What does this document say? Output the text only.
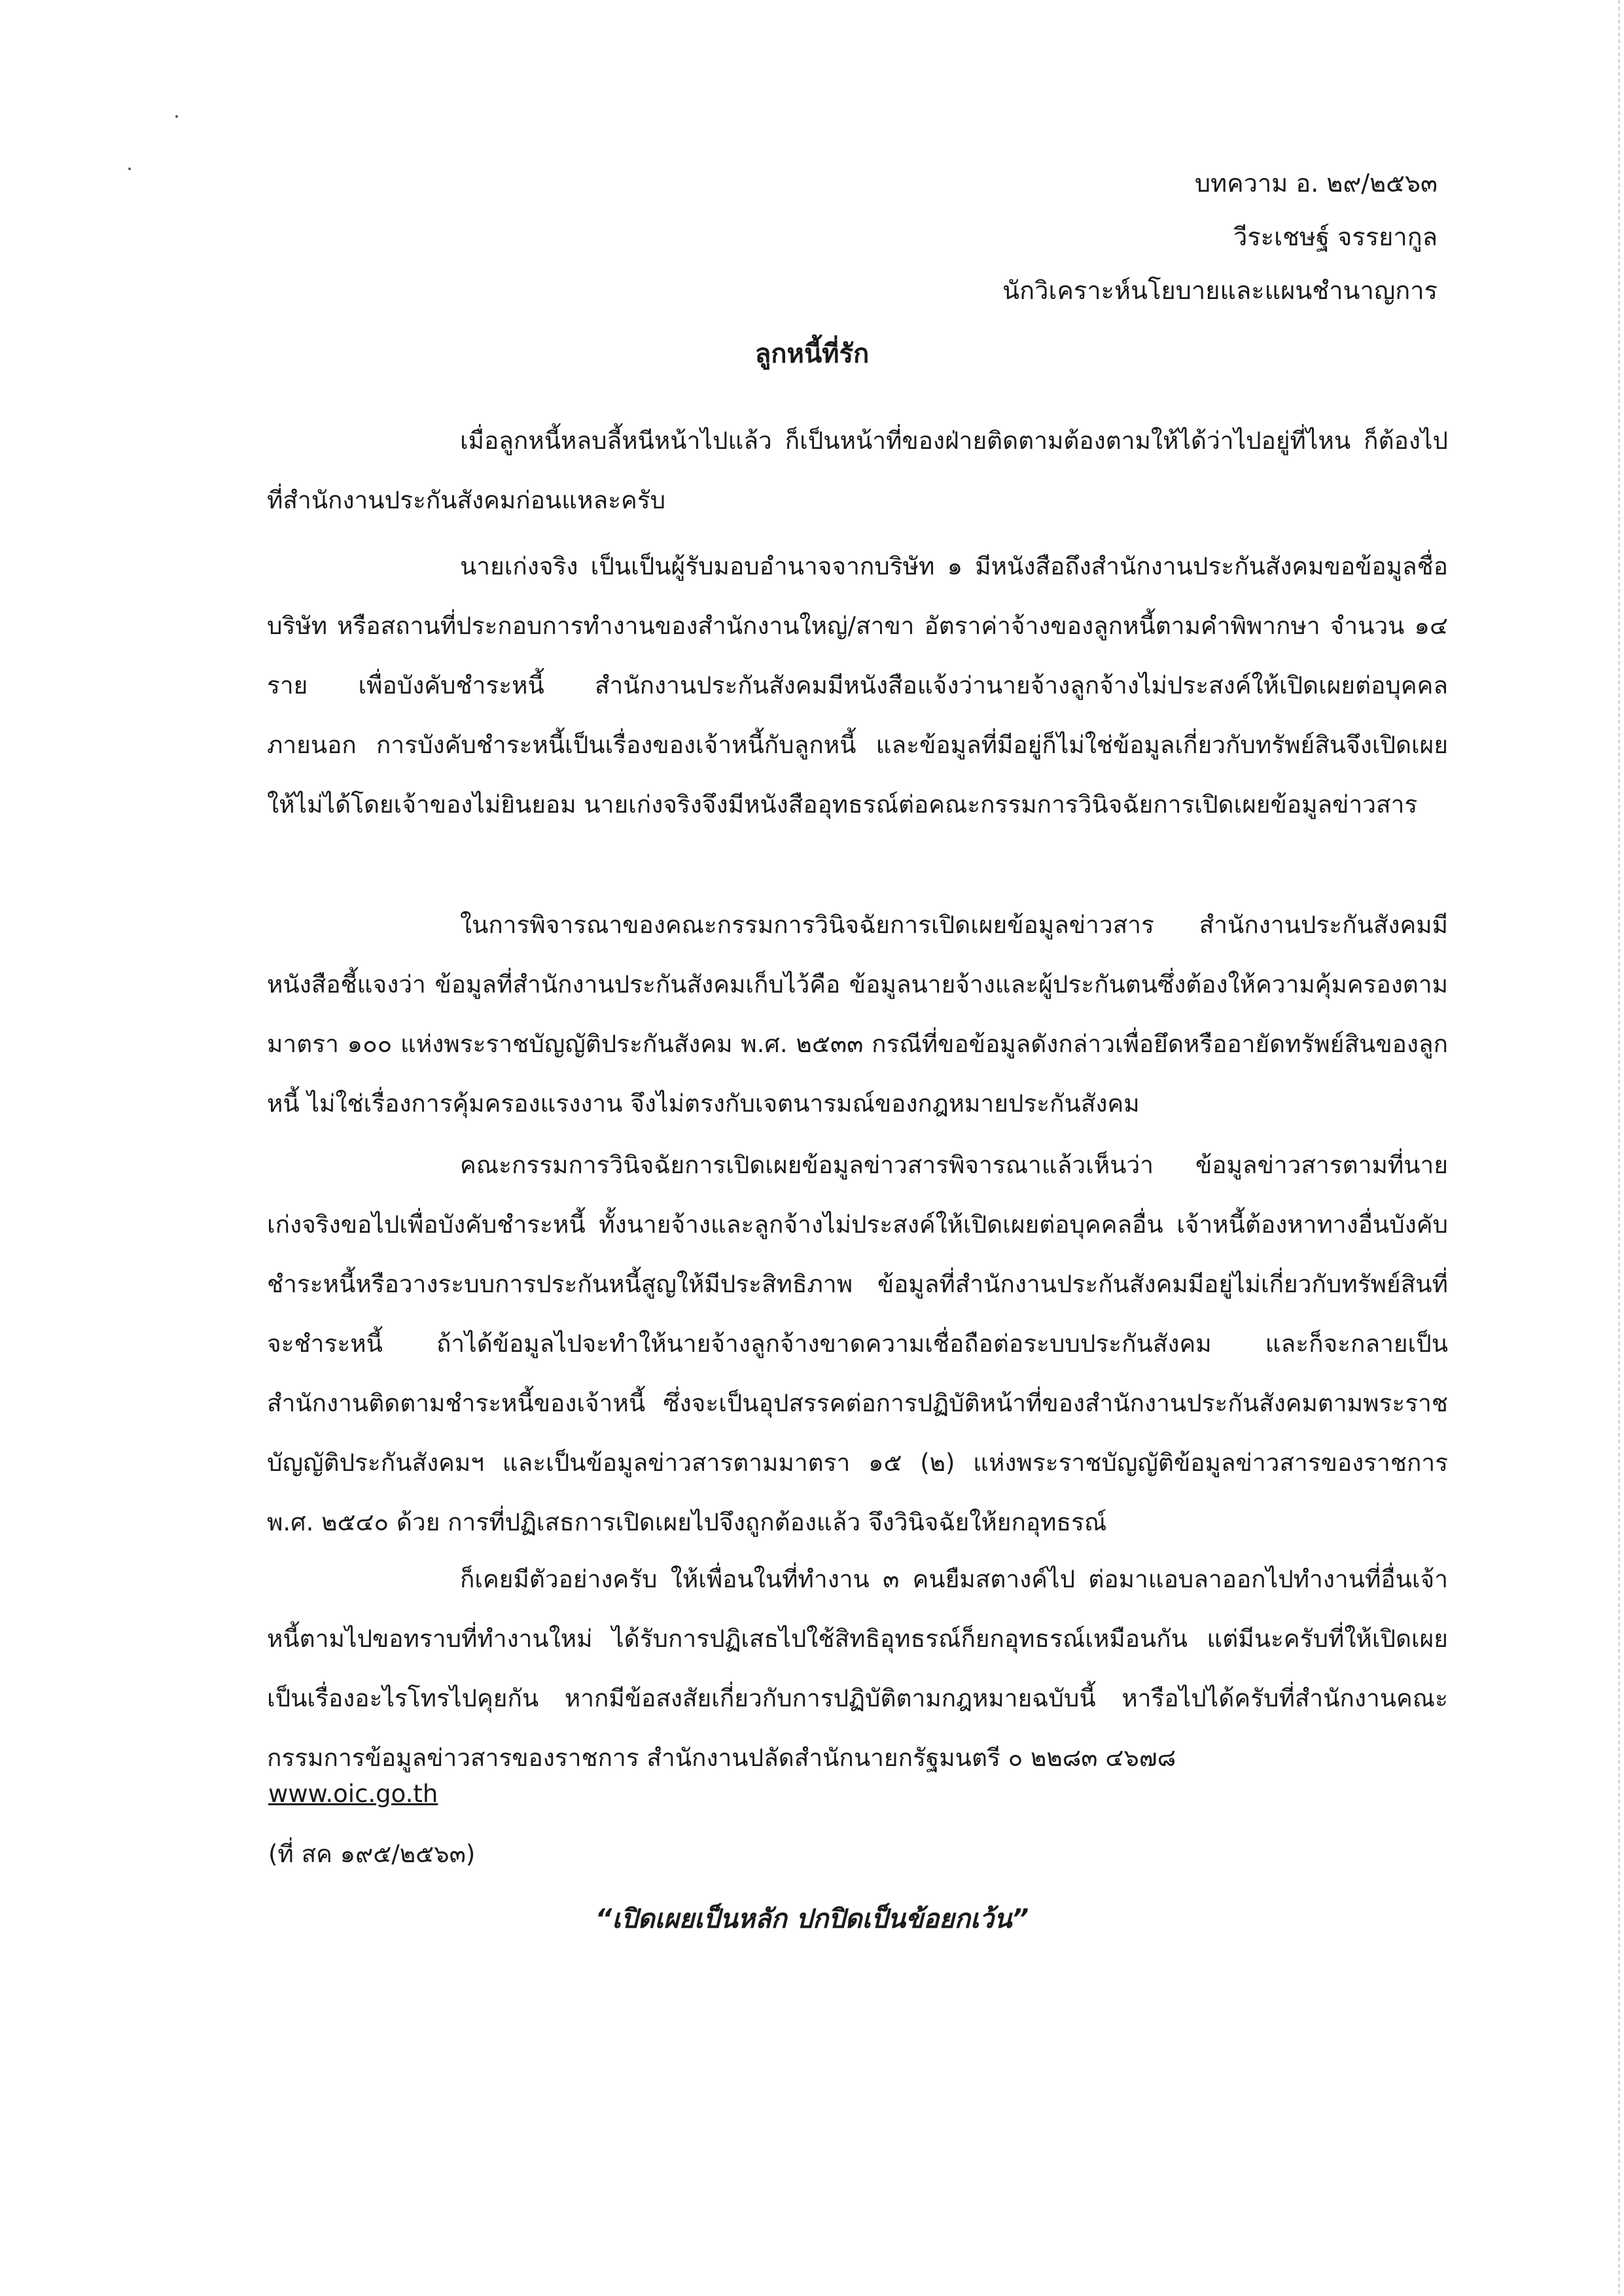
บทความ อ. ๒๙/๒๕๖๓
วีระเชษฐ์ จรรยากูล
นักวิเคราะห์นโยบายและแผนชำนาญการ
ลูกหนี้ที่รัก

เมื่อลูกหนี้หลบลี้หนีหน้าไปแล้ว ก็เป็นหน้าที่ของฝ่ายติดตามต้องตามให้ได้ว่าไปอยู่ที่ไหน ก็ต้องไปที่สำนักงานประกันสังคมก่อนแหละครับ

นายเก่งจริง เป็นเป็นผู้รับมอบอำนาจจากบริษัท ๑ มีหนังสือถึงสำนักงานประกันสังคมขอข้อมูลชื่อบริษัท หรือสถานที่ประกอบการทำงานของสำนักงานใหญ่/สาขา อัตราค่าจ้างของลูกหนี้ตามคำพิพากษา จำนวน ๑๔ ราย เพื่อบังคับชำระหนี้ สำนักงานประกันสังคมมีหนังสือแจ้งว่านายจ้างลูกจ้างไม่ประสงค์ให้เปิดเผยต่อบุคคลภายนอก การบังคับชำระหนี้เป็นเรื่องของเจ้าหนี้กับลูกหนี้ และข้อมูลที่มีอยู่ก็ไม่ใช่ข้อมูลเกี่ยวกับทรัพย์สินจึงเปิดเผยให้ไม่ได้โดยเจ้าของไม่ยินยอม นายเก่งจริงจึงมีหนังสืออุทธรณ์ต่อคณะกรรมการวินิจฉัยการเปิดเผยข้อมูลข่าวสาร

ในการพิจารณาของคณะกรรมการวินิจฉัยการเปิดเผยข้อมูลข่าวสาร สำนักงานประกันสังคมมีหนังสือชี้แจงว่า ข้อมูลที่สำนักงานประกันสังคมเก็บไว้คือ ข้อมูลนายจ้างและผู้ประกันตนซึ่งต้องให้ความคุ้มครองตามมาตรา ๑๐๐ แห่งพระราชบัญญัติประกันสังคม พ.ศ. ๒๕๓๓ กรณีที่ขอข้อมูลดังกล่าวเพื่อยึดหรืออายัดทรัพย์สินของลูกหนี้ ไม่ใช่เรื่องการคุ้มครองแรงงาน จึงไม่ตรงกับเจตนารมณ์ของกฎหมายประกันสังคม

คณะกรรมการวินิจฉัยการเปิดเผยข้อมูลข่าวสารพิจารณาแล้วเห็นว่า ข้อมูลข่าวสารตามที่นายเก่งจริงขอไปเพื่อบังคับชำระหนี้ ทั้งนายจ้างและลูกจ้างไม่ประสงค์ให้เปิดเผยต่อบุคคลอื่น เจ้าหนี้ต้องหาทางอื่นบังคับชำระหนี้หรือวางระบบการประกันหนี้สูญให้มีประสิทธิภาพ ข้อมูลที่สำนักงานประกันสังคมมีอยู่ไม่เกี่ยวกับทรัพย์สินที่จะชำระหนี้ ถ้าได้ข้อมูลไปจะทำให้นายจ้างลูกจ้างขาดความเชื่อถือต่อระบบประกันสังคม และก็จะกลายเป็นสำนักงานติดตามชำระหนี้ของเจ้าหนี้ ซึ่งจะเป็นอุปสรรคต่อการปฏิบัติหน้าที่ของสำนักงานประกันสังคมตามพระราชบัญญัติประกันสังคมฯ และเป็นข้อมูลข่าวสารตามมาตรา ๑๕ (๒) แห่งพระราชบัญญัติข้อมูลข่าวสารของราชการ พ.ศ. ๒๕๔๐ ด้วย การที่ปฏิเสธการเปิดเผยไปจึงถูกต้องแล้ว จึงวินิจฉัยให้ยกอุทธรณ์

ก็เคยมีตัวอย่างครับ ให้เพื่อนในที่ทำงาน ๓ คนยืมสตางค์ไป ต่อมาแอบลาออกไปทำงานที่อื่นเจ้าหนี้ตามไปขอทราบที่ทำงานใหม่ ได้รับการปฏิเสธไปใช้สิทธิอุทธรณ์ก็ยกอุทธรณ์เหมือนกัน แต่มีนะครับที่ให้เปิดเผย เป็นเรื่องอะไรโทรไปคุยกัน หากมีข้อสงสัยเกี่ยวกับการปฏิบัติตามกฎหมายฉบับนี้ หารือไปได้ครับที่สำนักงานคณะกรรมการข้อมูลข่าวสารของราชการ สำนักงานปลัดสำนักนายกรัฐมนตรี ๐ ๒๒๘๓ ๔๖๗๘

www.oic.go.th
(ที่ สค ๑๙๕/๒๕๖๓)
“เปิดเผยเป็นหลัก ปกปิดเป็นข้อยกเว้น”
